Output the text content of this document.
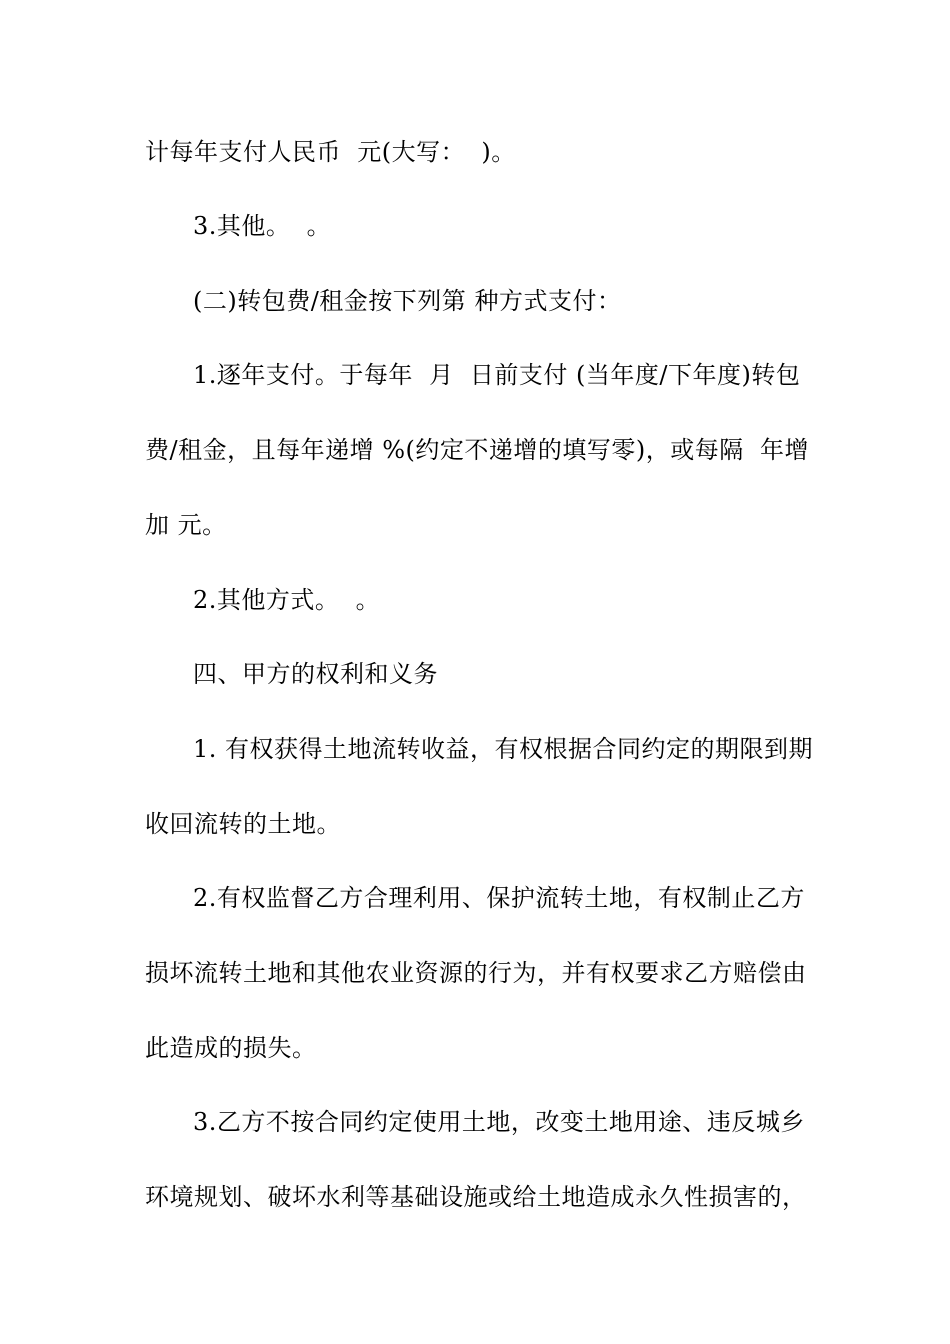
计每年支付人民币  元(大写：  )。
3.其他。  。
(二)转包费/租金按下列第 种方式支付：
1.逐年支付。于每年  月  日前支付 (当年度/下年度)转包
费/租金，且每年递增 %(约定不递增的填写零)，或每隔  年增
加 元。
2.其他方式。  。
四、甲方的权利和义务
1. 有权获得土地流转收益，有权根据合同约定的期限到期
收回流转的土地。
2.有权监督乙方合理利用、保护流转土地，有权制止乙方
损坏流转土地和其他农业资源的行为，并有权要求乙方赔偿由
此造成的损失。
3.乙方不按合同约定使用土地，改变土地用途、违反城乡
环境规划、破坏水利等基础设施或给土地造成永久性损害的，
